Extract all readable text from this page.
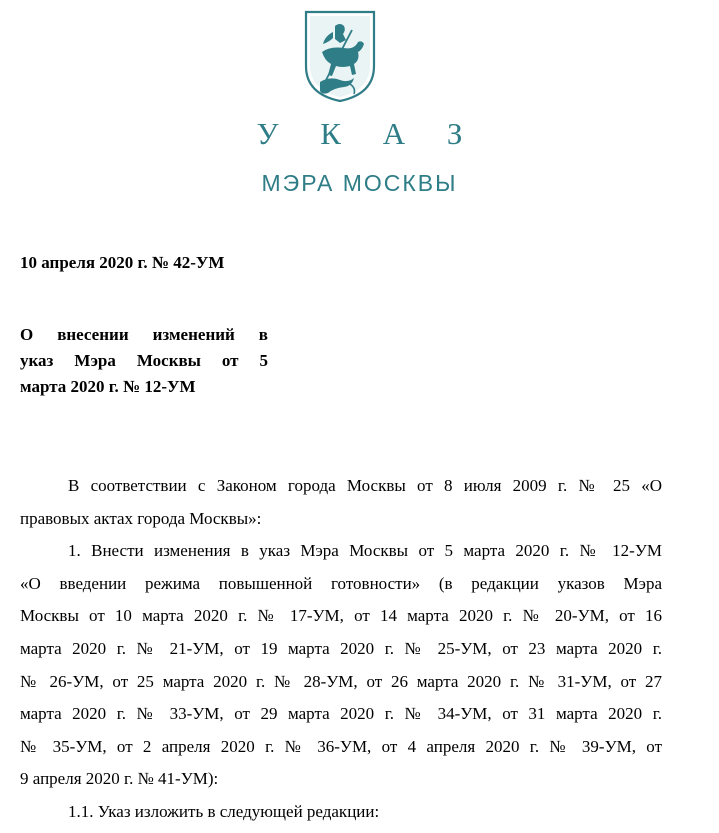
У К А З
МЭРА МОСКВЫ
10 апреля 2020 г. № 42-УМ
О внесении изменений в
указ Мэра Москвы от 5
марта 2020 г. № 12-УМ
В соответствии с Законом города Москвы от 8 июля 2009 г. № 25 «О
правовых актах города Москвы»:
1. Внести изменения в указ Мэра Москвы от 5 марта 2020 г. № 12-УМ
«О введении режима повышенной готовности» (в редакции указов Мэра
Москвы от 10 марта 2020 г. № 17-УМ, от 14 марта 2020 г. № 20-УМ, от 16
марта 2020 г. № 21-УМ, от 19 марта 2020 г. № 25-УМ, от 23 марта 2020 г.
№ 26-УМ, от 25 марта 2020 г. № 28-УМ, от 26 марта 2020 г. № 31-УМ, от 27
марта 2020 г. № 33-УМ, от 29 марта 2020 г. № 34-УМ, от 31 марта 2020 г.
№ 35-УМ, от 2 апреля 2020 г. № 36-УМ, от 4 апреля 2020 г. № 39-УМ, от
9 апреля 2020 г. № 41-УМ):
1.1. Указ изложить в следующей редакции:
